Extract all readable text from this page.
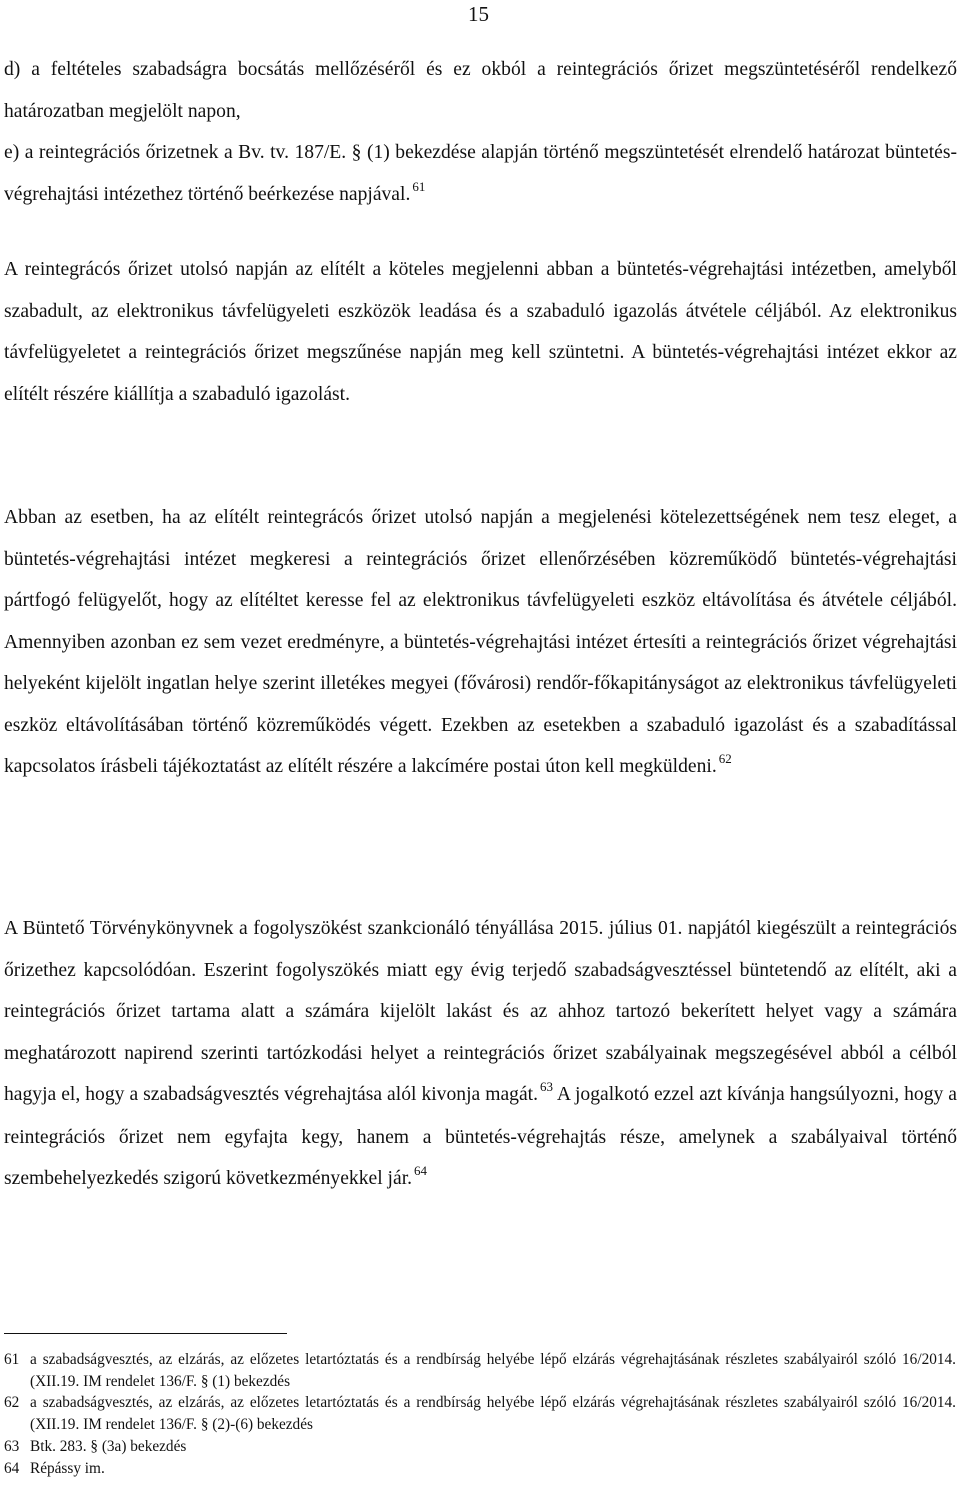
15

d) a feltételes szabadságra bocsátás mellőzéséről és ez okból a reintegrációs őrizet megszüntetéséről rendelkező határozatban megjelölt napon,
e) a reintegrációs őrizetnek a Bv. tv. 187/E. § (1) bekezdése alapján történő megszüntetését elrendelő határozat büntetés-végrehajtási intézethez történő beérkezése napjával. $^{61}$

A reintegrácós őrizet utolsó napján az elítélt a köteles megjelenni abban a büntetés-végrehajtási intézetben, amelyből szabadult, az elektronikus távfelügyeleti eszközök leadása és a szabaduló igazolás átvétele céljából. Az elektronikus távfelügyeletet a reintegrációs őrizet megszűnése napján meg kell szüntetni. A büntetés-végrehajtási intézet ekkor az elítélt részére kiállítja a szabaduló igazolást.

Abban az esetben, ha az elítélt reintegrácós őrizet utolsó napján a megjelenési kötelezettségének nem tesz eleget, a büntetés-végrehajtási intézet megkeresi a reintegrációs őrizet ellenőrzésében közreműködő büntetés-végrehajtási pártfogó felügyelőt, hogy az elítéltet keresse fel az elektronikus távfelügyeleti eszköz eltávolítása és átvétele céljából. Amennyiben azonban ez sem vezet eredményre, a büntetés-végrehajtási intézet értesíti a reintegrációs őrizet végrehajtási helyeként kijelölt ingatlan helye szerint illetékes megyei (fővárosi) rendőr-főkapitányságot az elektronikus távfelügyeleti eszköz eltávolításában történő közreműködés végett. Ezekben az esetekben a szabaduló igazolást és a szabadítással kapcsolatos írásbeli tájékoztatást az elítélt részére a lakcímére postai úton kell megküldeni. $^{62}$

A Büntető Törvénykönyvnek a fogolyszökést szankcionáló tényállása 2015. július 01. napjától kiegészült a reintegrációs őrizethez kapcsolódóan. Eszerint fogolyszökés miatt egy évig terjedő szabadságvesztéssel büntetendő az elítélt, aki a reintegrációs őrizet tartama alatt a számára kijelölt lakást és az ahhoz tartozó bekerített helyet vagy a számára meghatározott napirend szerinti tartózkodási helyet a reintegrációs őrizet szabályainak megszegésével abból a célból hagyja el, hogy a szabadságvesztés végrehajtása alól kivonja magát. $^{63}$ A jogalkotó ezzel azt kívánja hangsúlyozni, hogy a reintegrációs őrizet nem egyfajta kegy, hanem a büntetés-végrehajtás része, amelynek a szabályaival történő szembehelyezkedés szigorú következményekkel jár. $^{64}$

61 a szabadságvesztés, az elzárás, az előzetes letartóztatás és a rendbírság helyébe lépő elzárás végrehajtásának részletes szabályairól szóló 16/2014. (XII.19. IM rendelet 136/F. § (1) bekezdés
62 a szabadságvesztés, az elzárás, az előzetes letartóztatás és a rendbírság helyébe lépő elzárás végrehajtásának részletes szabályairól szóló 16/2014. (XII.19. IM rendelet 136/F. § (2)-(6) bekezdés
63 Btk. 283. § (3a) bekezdés
64 Répássy im.
